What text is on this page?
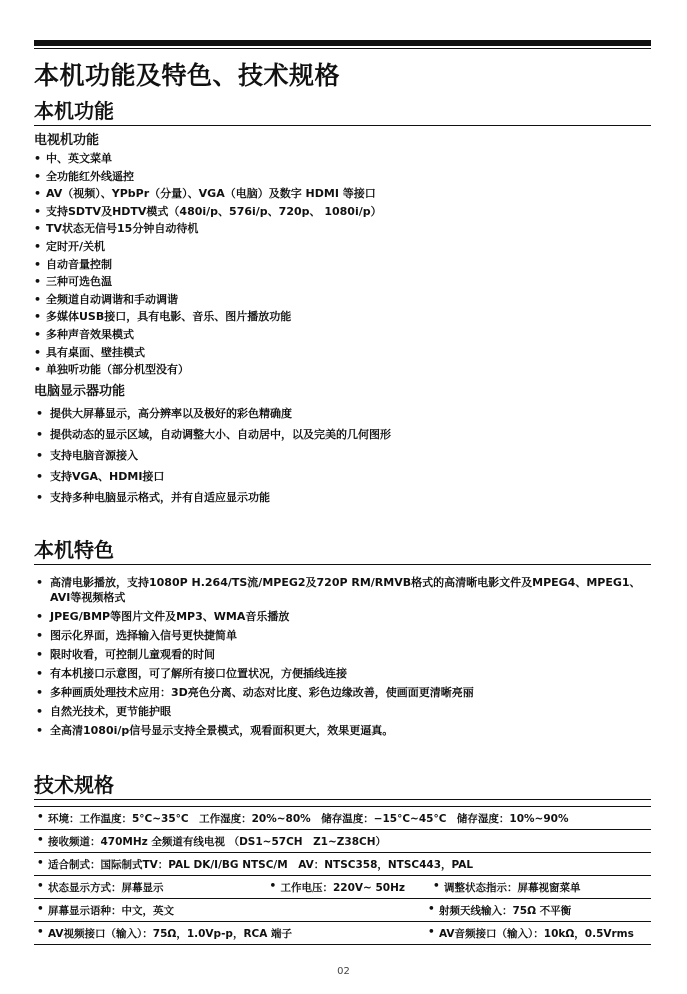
本机功能及特色、技术规格
本机功能
电视机功能
• 中、英文菜单
• 全功能红外线遥控
• AV（视频）、YPbPr（分量）、VGA（电脑）及数字 HDMI 等接口
• 支持SDTV及HDTV模式（480i/p、576i/p、720p、 1080i/p）
• TV状态无信号15分钟自动待机
• 定时开/关机
• 自动音量控制
• 三种可选色温
• 全频道自动调谐和手动调谐
• 多媒体USB接口，具有电影、音乐、图片播放功能
• 多种声音效果模式
• 具有桌面、壁挂模式
• 单独听功能（部分机型没有）
电脑显示器功能
• 提供大屏幕显示，高分辨率以及极好的彩色精确度
• 提供动态的显示区域，自动调整大小、自动居中，以及完美的几何图形
• 支持电脑音源接入
• 支持VGA、HDMI接口
• 支持多种电脑显示格式，并有自适应显示功能
本机特色
• 高清电影播放，支持1080P H.264/TS流/MPEG2及720P RM/RMVB格式的高清晰电影文件及MPEG4、MPEG1、AVI等视频格式
• JPEG/BMP等图片文件及MP3、WMA音乐播放
• 图示化界面，选择输入信号更快捷简单
• 限时收看，可控制儿童观看的时间
• 有本机接口示意图，可了解所有接口位置状况，方便插线连接
• 多种画质处理技术应用：3D亮色分离、动态对比度、彩色边缘改善，使画面更清晰亮丽
• 自然光技术，更节能护眼
• 全高清1080i/p信号显示支持全景模式，观看面积更大，效果更逼真。
技术规格
• 环境：工作温度：5°C~35°C　工作湿度：20%~80%　储存温度：−15°C~45°C　储存湿度：10%~90%
• 接收频道：470MHz 全频道有线电视 （DS1~57CH　Z1~Z38CH）
• 适合制式：国际制式TV：PAL DK/I/BG NTSC/M　AV：NTSC358，NTSC443，PAL
• 状态显示方式：屏幕显示	• 工作电压：220V~ 50Hz	• 调整状态指示：屏幕视窗菜单
• 屏幕显示语种：中文，英文	• 射频天线输入：75Ω 不平衡
• AV视频接口（输入）：75Ω，1.0Vp-p，RCA 端子	• AV音频接口（输入）：10kΩ，0.5Vrms
02
